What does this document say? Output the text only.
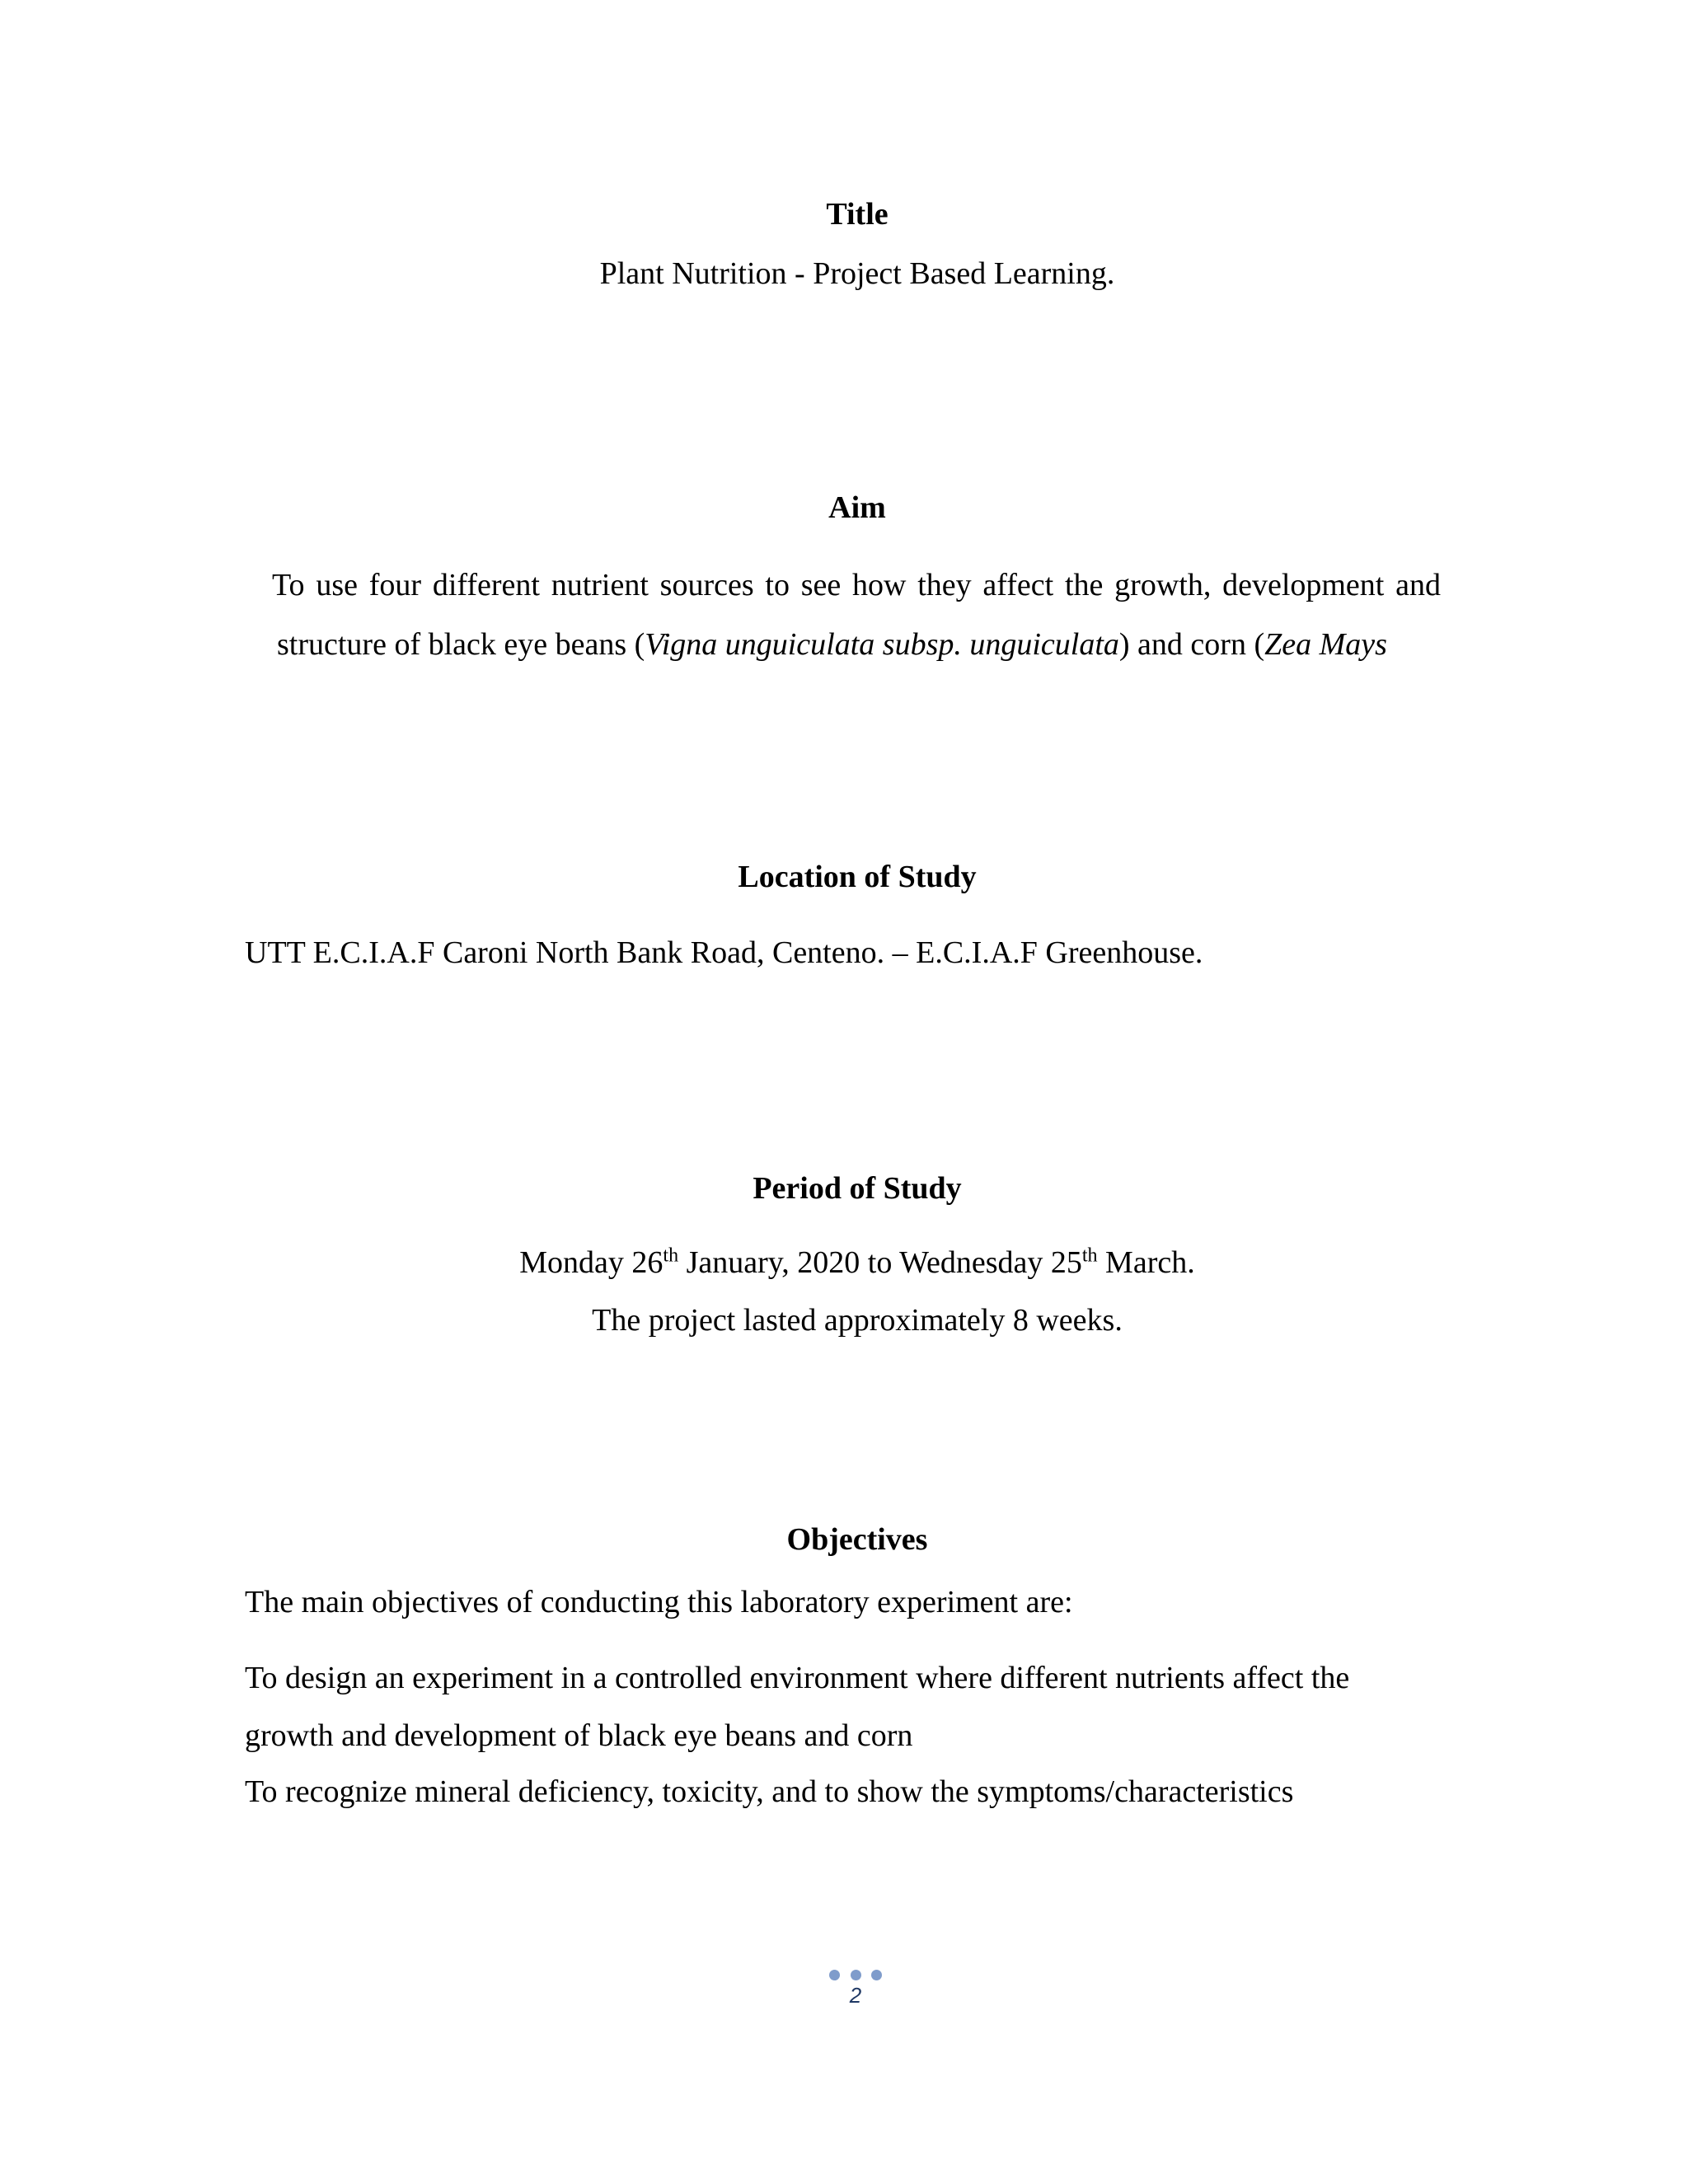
Title

Plant Nutrition - Project Based Learning.

Aim

To use four different nutrient sources to see how they affect the growth, development and

structure of black eye beans (Vigna unguiculata subsp. unguiculata) and corn (Zea Mays

Location of Study

UTT E.C.I.A.F Caroni North Bank Road, Centeno. – E.C.I.A.F Greenhouse.

Period of Study

Monday 26th January, 2020 to Wednesday 25th March.

The project lasted approximately 8 weeks.

Objectives

The main objectives of conducting this laboratory experiment are:

To design an experiment in a controlled environment where different nutrients affect the

growth and development of black eye beans and corn

To recognize mineral deficiency, toxicity, and to show the symptoms/characteristics

2
